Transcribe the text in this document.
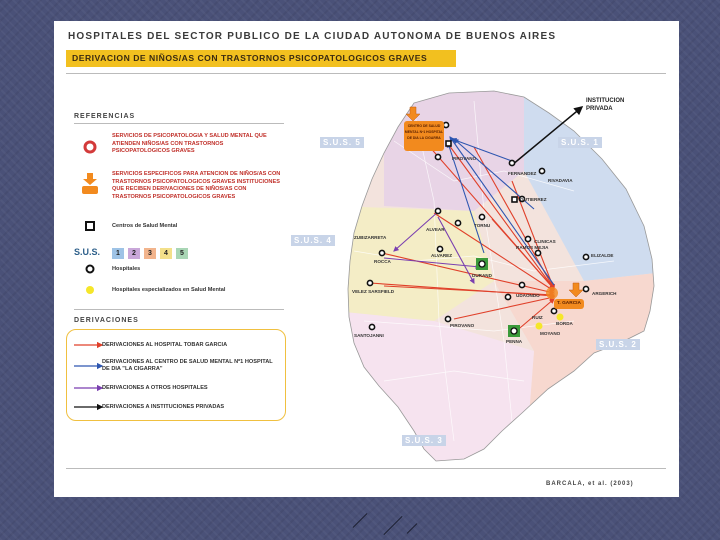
HOSPITALES DEL SECTOR PUBLICO DE LA CIUDAD AUTONOMA DE BUENOS AIRES
DERIVACION DE NIÑOS/AS CON TRASTORNOS PSICOPATOLOGICOS GRAVES
REFERENCIAS
SERVICIOS DE PSICOPATOLOGIA Y SALUD MENTAL QUE ATIENDEN NIÑOS/AS CON TRASTORNOS PSICOPATOLOGICOS GRAVES
SERVICIOS ESPECIFICOS PARA ATENCION DE NIÑOS/AS CON TRASTORNOS PSICOPATOLOGICOS GRAVES INSTITUCIONES QUE RECIBEN DERIVACIONES DE NIÑOS/AS CON TRASTORNOS PSICOPATOLOGICOS GRAVES
Centros de Salud Mental
S.U.S.	1	2	3	4	5
Hospitales
Hospitales especializados en Salud Mental
DERIVACIONES
DERIVACIONES AL HOSPITAL TOBAR GARCIA
DERIVACIONES AL CENTRO DE SALUD MENTAL Nº1 HOSPITAL DE DIA "LA CIGARRA"
DERIVACIONES A OTROS HOSPITALES
DERIVACIONES A INSTITUCIONES PRIVADAS
CENTRO DE SALUD MENTAL Nº1 HOSPITAL DE DIA LA CIGARRA
T. GARCIA
INSTITUCION PRIVADA
S.U.S. 5	S.U.S. 1
S.U.S. 4
S.U.S. 2
S.U.S. 3
PIROVANO
FERNANDEZ
RIVADAVIA
TORNU
ALVEAR
ZUBIZARRETA
RAMOS MEJIA
ELIZALDE
ROCCA
ALVAREZ
DURAND
ARGERICH
VELEZ SARSFIELD
UDAONDO
PIROVANO
RUIZ
BORDA
MOYANO
PENNA
SANTOJANNI
GUTIERREZ
CLINICAS
BARCALA, et al. (2003)
